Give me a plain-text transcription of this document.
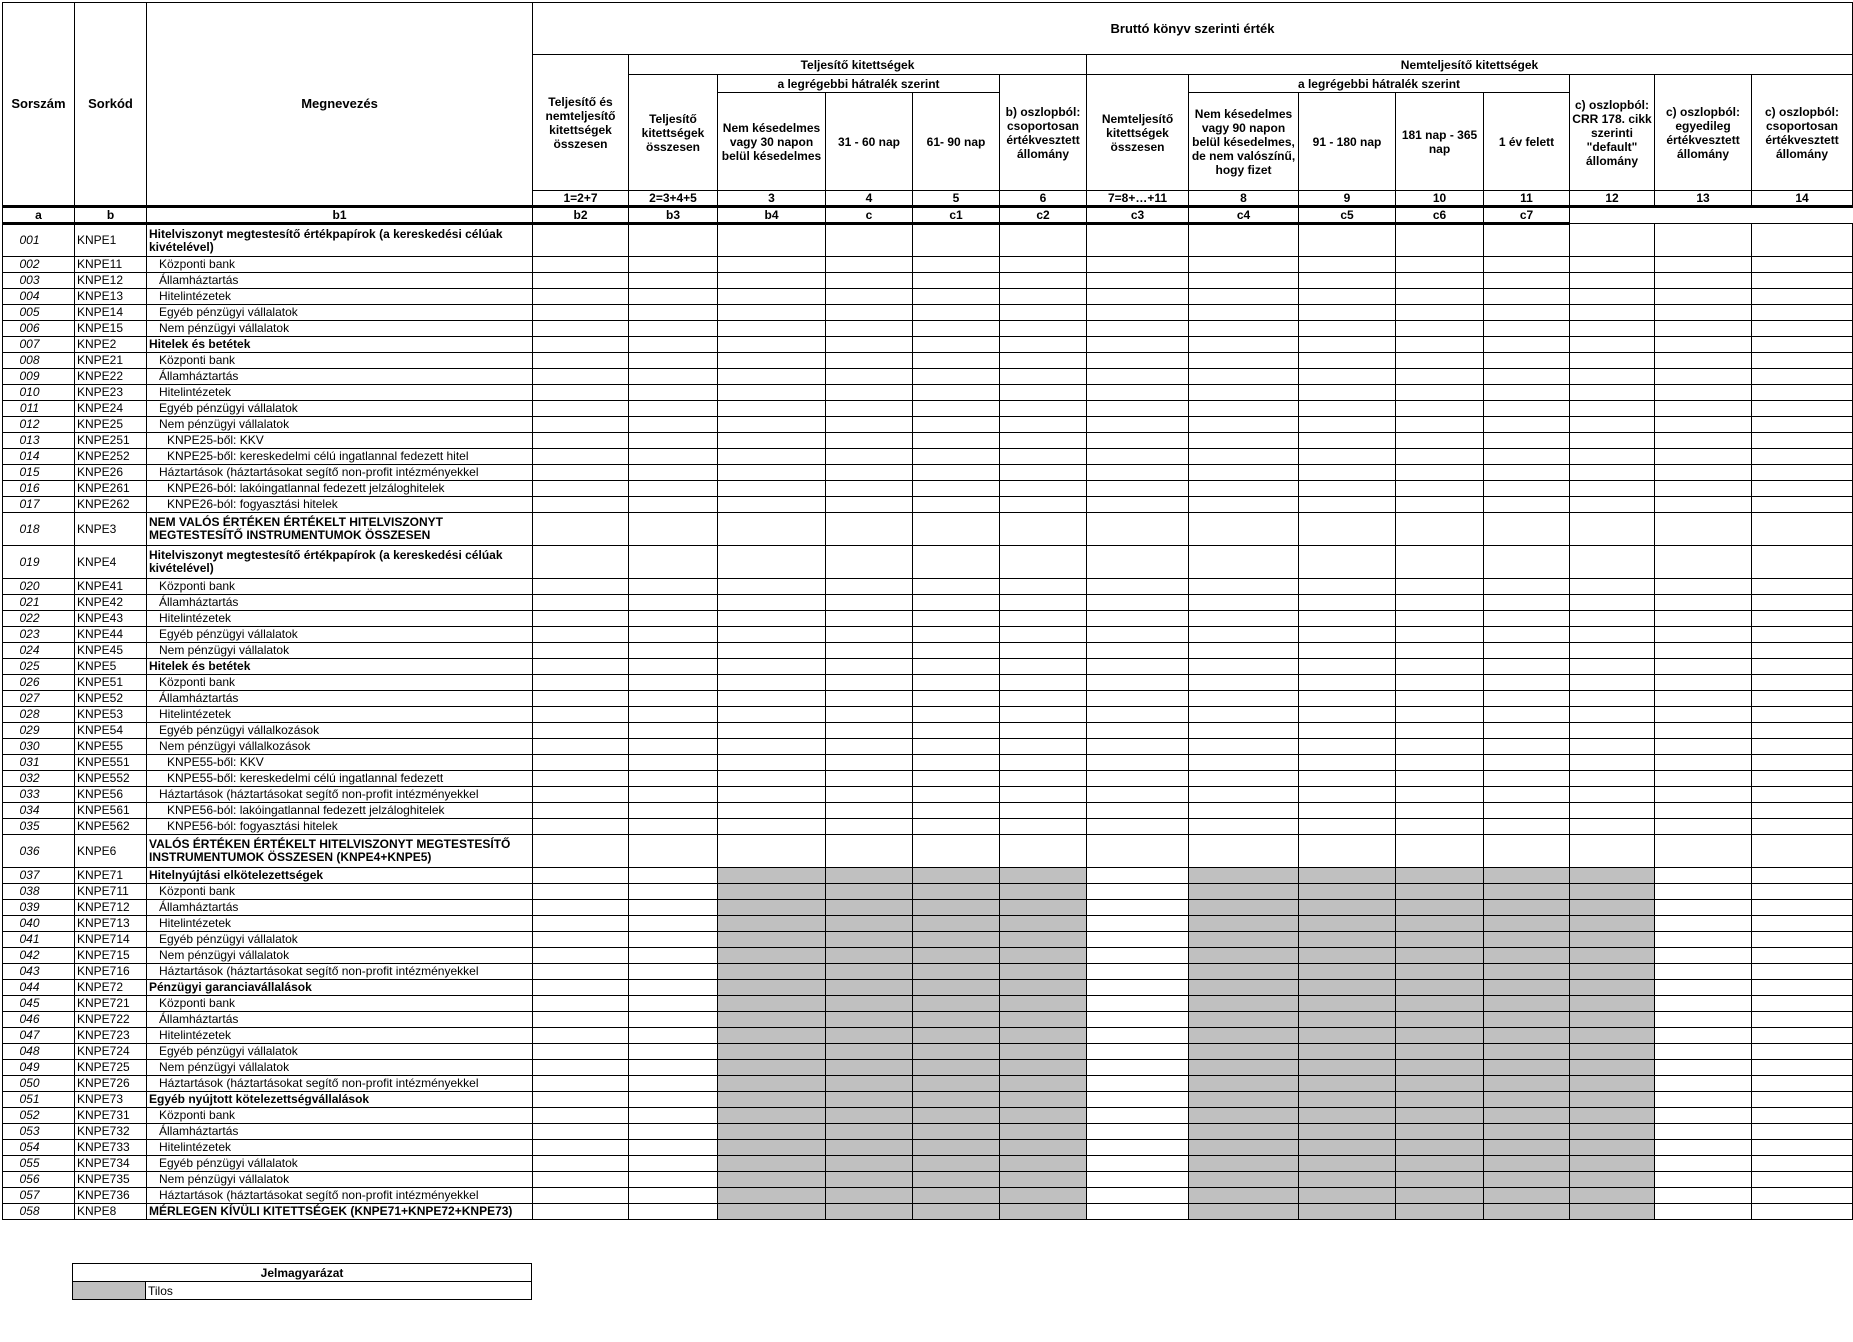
Sorszám	Sorkód	Megnevezés	Bruttó könyv szerinti érték													
			Teljesítő és nemteljesítő kitettségek összesen	Teljesítő kitettségek					Nemteljesítő kitettségek							
				Teljesítő kitettségek összesen	a legrégebbi hátralék szerint			b) oszlopból: csoportosan értékvesztett állomány	Nemteljesítő kitettségek összesen	a legrégebbi hátralék szerint				c) oszlopból: CRR 178. cikk szerinti "default" állomány	c) oszlopból: egyedileg értékvesztett állomány	c) oszlopból: csoportosan értékvesztett állomány
					Nem késedelmes vagy 30 napon belül késedelmes	31 - 60 nap	61- 90 nap			Nem késedelmes vagy 90 napon belül késedelmes, de nem valószínű, hogy fizet	91 - 180 nap	181 nap - 365 nap	1 év felett			
			1=2+7	2=3+4+5	3	4	5	6	7=8+…+11	8	9	10	11	12	13	14
a	b	b1	b2	b3	b4	c	c1	c2	c3	c4	c5	c6	c7			
001	KNPE1	Hitelviszonyt megtestesítő értékpapírok (a kereskedési célúak kivételével)														
002	KNPE11	Központi bank														
003	KNPE12	Államháztartás														
004	KNPE13	Hitelintézetek														
005	KNPE14	Egyéb pénzügyi vállalatok														
006	KNPE15	Nem pénzügyi vállalatok														
007	KNPE2	Hitelek és betétek														
008	KNPE21	Központi bank														
009	KNPE22	Államháztartás														
010	KNPE23	Hitelintézetek														
011	KNPE24	Egyéb pénzügyi vállalatok														
012	KNPE25	Nem pénzügyi vállalatok														
013	KNPE251	KNPE25-ből: KKV														
014	KNPE252	KNPE25-ből: kereskedelmi célú ingatlannal fedezett hitel														
015	KNPE26	Háztartások (háztartásokat segítő non-profit intézményekkel														
016	KNPE261	KNPE26-ból: lakóingatlannal fedezett jelzáloghitelek														
017	KNPE262	KNPE26-ból: fogyasztási hitelek														
018	KNPE3	NEM VALÓS ÉRTÉKEN ÉRTÉKELT HITELVISZONYT MEGTESTESÍTŐ INSTRUMENTUMOK ÖSSZESEN														
019	KNPE4	Hitelviszonyt megtestesítő értékpapírok (a kereskedési célúak kivételével)														
020	KNPE41	Központi bank														
021	KNPE42	Államháztartás														
022	KNPE43	Hitelintézetek														
023	KNPE44	Egyéb pénzügyi vállalatok														
024	KNPE45	Nem pénzügyi vállalatok														
025	KNPE5	Hitelek és betétek														
026	KNPE51	Központi bank														
027	KNPE52	Államháztartás														
028	KNPE53	Hitelintézetek														
029	KNPE54	Egyéb pénzügyi vállalkozások														
030	KNPE55	Nem pénzügyi vállalkozások														
031	KNPE551	KNPE55-ből: KKV														
032	KNPE552	KNPE55-ből: kereskedelmi célú ingatlannal fedezett														
033	KNPE56	Háztartások (háztartásokat segítő non-profit intézményekkel														
034	KNPE561	KNPE56-ból: lakóingatlannal fedezett jelzáloghitelek														
035	KNPE562	KNPE56-ból: fogyasztási hitelek														
036	KNPE6	VALÓS ÉRTÉKEN ÉRTÉKELT HITELVISZONYT MEGTESTESÍTŐ INSTRUMENTUMOK ÖSSZESEN (KNPE4+KNPE5)														
037	KNPE71	Hitelnyújtási elkötelezettségek														
038	KNPE711	Központi bank														
039	KNPE712	Államháztartás														
040	KNPE713	Hitelintézetek														
041	KNPE714	Egyéb pénzügyi vállalatok														
042	KNPE715	Nem pénzügyi vállalatok														
043	KNPE716	Háztartások (háztartásokat segítő non-profit intézményekkel														
044	KNPE72	Pénzügyi garanciavállalások														
045	KNPE721	Központi bank														
046	KNPE722	Államháztartás														
047	KNPE723	Hitelintézetek														
048	KNPE724	Egyéb pénzügyi vállalatok														
049	KNPE725	Nem pénzügyi vállalatok														
050	KNPE726	Háztartások (háztartásokat segítő non-profit intézményekkel														
051	KNPE73	Egyéb nyújtott kötelezettségvállalások														
052	KNPE731	Központi bank														
053	KNPE732	Államháztartás														
054	KNPE733	Hitelintézetek														
055	KNPE734	Egyéb pénzügyi vállalatok														
056	KNPE735	Nem pénzügyi vállalatok														
057	KNPE736	Háztartások (háztartásokat segítő non-profit intézményekkel														
058	KNPE8	MÉRLEGEN KÍVÜLI KITETTSÉGEK (KNPE71+KNPE72+KNPE73)														
Jelmagyarázat
	Tilos
